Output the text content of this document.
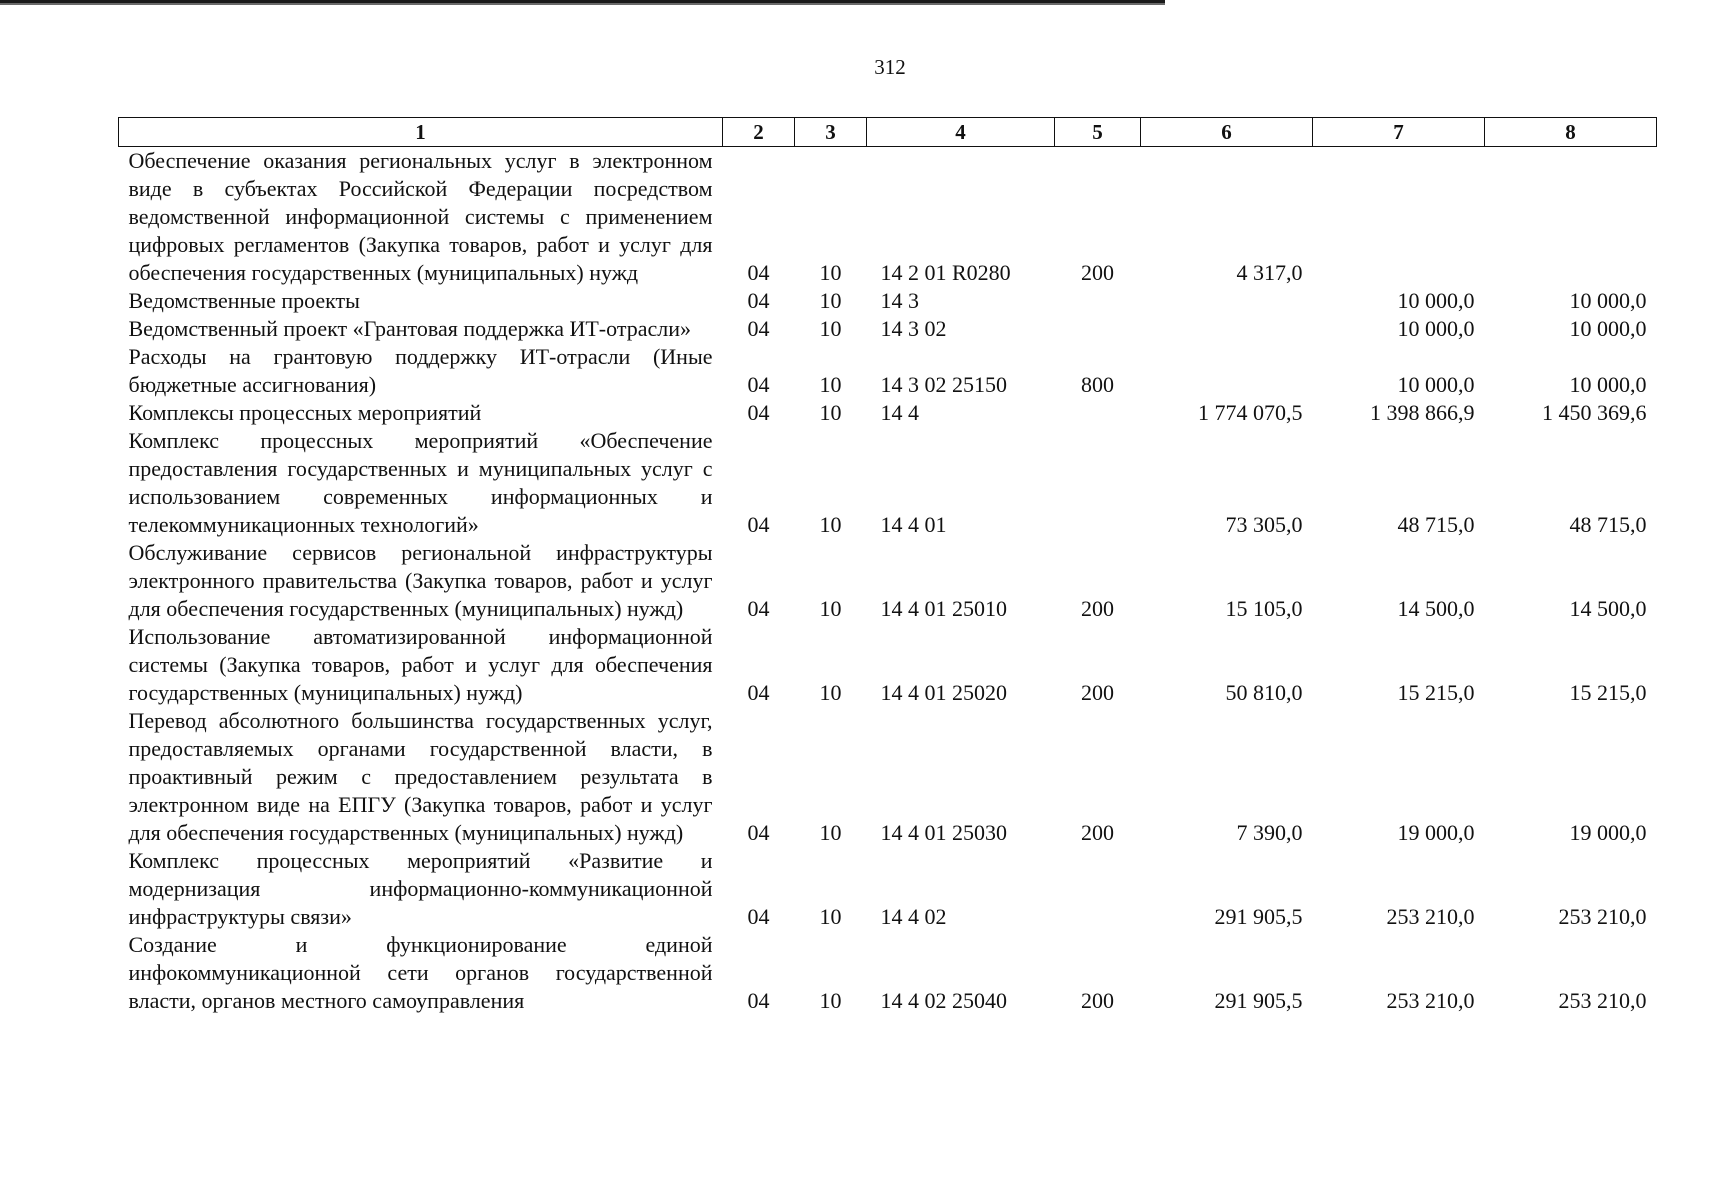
312
1	2	3	4	5	6	7	8
Обеспечение оказания региональных услуг в электронном виде в субъектах Российской Федерации посредством ведомственной информационной системы с применением цифровых регламентов (Закупка товаров, работ и услуг для обеспечения государственных (муниципальных) нужд	04	10	14 2 01 R0280	200	4 317,0		
Ведомственные проекты	04	10	14 3			10 000,0	10 000,0
Ведомственный проект «Грантовая поддержка ИТ-отрасли»	04	10	14 3 02			10 000,0	10 000,0
Расходы на грантовую поддержку ИТ-отрасли (Иные бюджетные ассигнования)	04	10	14 3 02 25150	800		10 000,0	10 000,0
Комплексы процессных мероприятий	04	10	14 4		1 774 070,5	1 398 866,9	1 450 369,6
Комплекс процессных мероприятий «Обеспечение предоставления государственных и муниципальных услуг с использованием современных информационных и телекоммуникационных технологий»	04	10	14 4 01		73 305,0	48 715,0	48 715,0
Обслуживание сервисов региональной инфраструктуры электронного правительства (Закупка товаров, работ и услуг для обеспечения государственных (муниципальных) нужд)	04	10	14 4 01 25010	200	15 105,0	14 500,0	14 500,0
Использование автоматизированной информационной системы (Закупка товаров, работ и услуг для обеспечения государственных (муниципальных) нужд)	04	10	14 4 01 25020	200	50 810,0	15 215,0	15 215,0
Перевод абсолютного большинства государственных услуг, предоставляемых органами государственной власти, в проактивный режим с предоставлением результата в электронном виде на ЕПГУ (Закупка товаров, работ и услуг для обеспечения государственных (муниципальных) нужд)	04	10	14 4 01 25030	200	7 390,0	19 000,0	19 000,0
Комплекс процессных мероприятий «Развитие и модернизация информационно-коммуникационной инфраструктуры связи»	04	10	14 4 02		291 905,5	253 210,0	253 210,0
Создание и функционирование единой инфокоммуникационной сети органов государственной власти, органов местного самоуправления	04	10	14 4 02 25040	200	291 905,5	253 210,0	253 210,0
